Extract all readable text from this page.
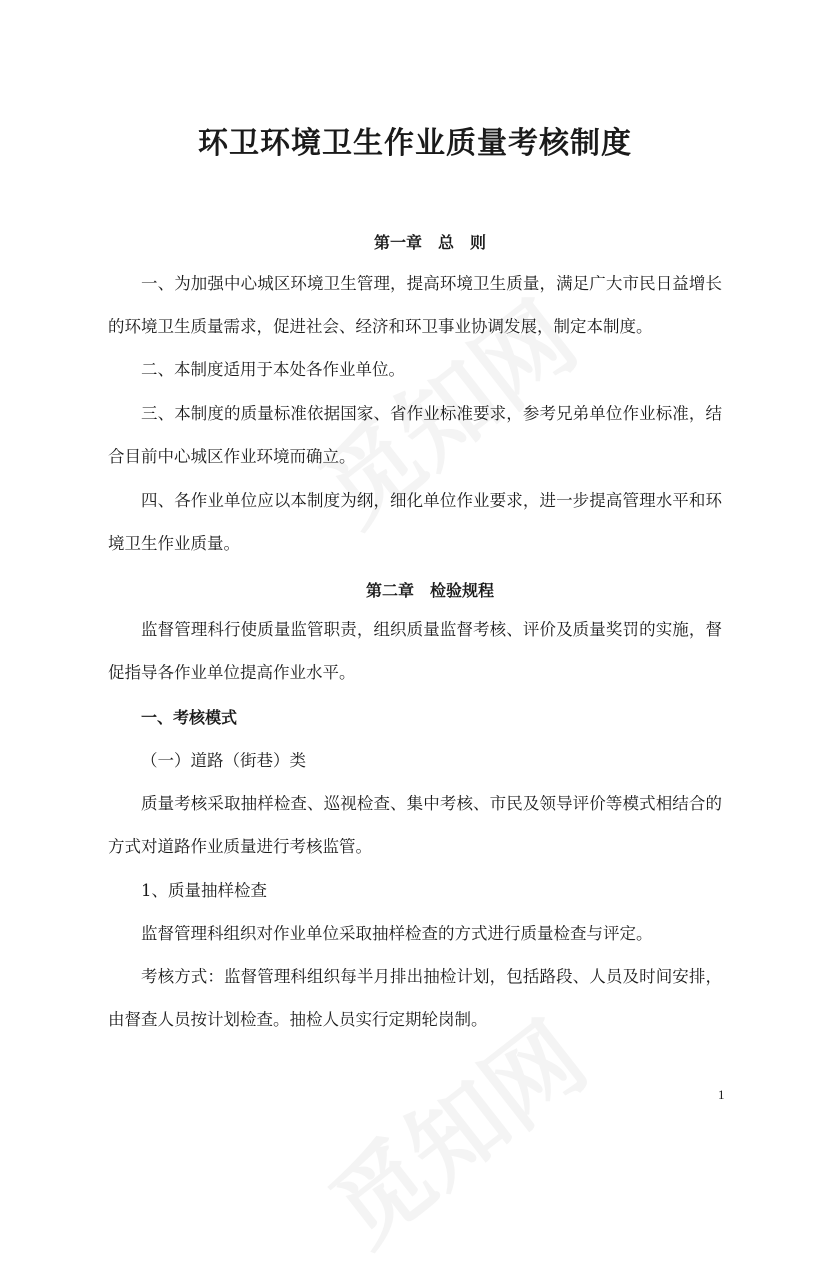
环卫环境卫生作业质量考核制度
第一章　总　则
一、为加强中心城区环境卫生管理，提高环境卫生质量，满足广大市民日益增长的环境卫生质量需求，促进社会、经济和环卫事业协调发展，制定本制度。
二、本制度适用于本处各作业单位。
三、本制度的质量标准依据国家、省作业标准要求，参考兄弟单位作业标准，结合目前中心城区作业环境而确立。
四、各作业单位应以本制度为纲，细化单位作业要求，进一步提高管理水平和环境卫生作业质量。
第二章　检验规程
监督管理科行使质量监管职责，组织质量监督考核、评价及质量奖罚的实施，督促指导各作业单位提高作业水平。
一、考核模式
（一）道路（街巷）类
质量考核采取抽样检查、巡视检查、集中考核、市民及领导评价等模式相结合的方式对道路作业质量进行考核监管。
1、质量抽样检查
监督管理科组织对作业单位采取抽样检查的方式进行质量检查与评定。
考核方式：监督管理科组织每半月排出抽检计划，包括路段、人员及时间安排，由督查人员按计划检查。抽检人员实行定期轮岗制。
1
